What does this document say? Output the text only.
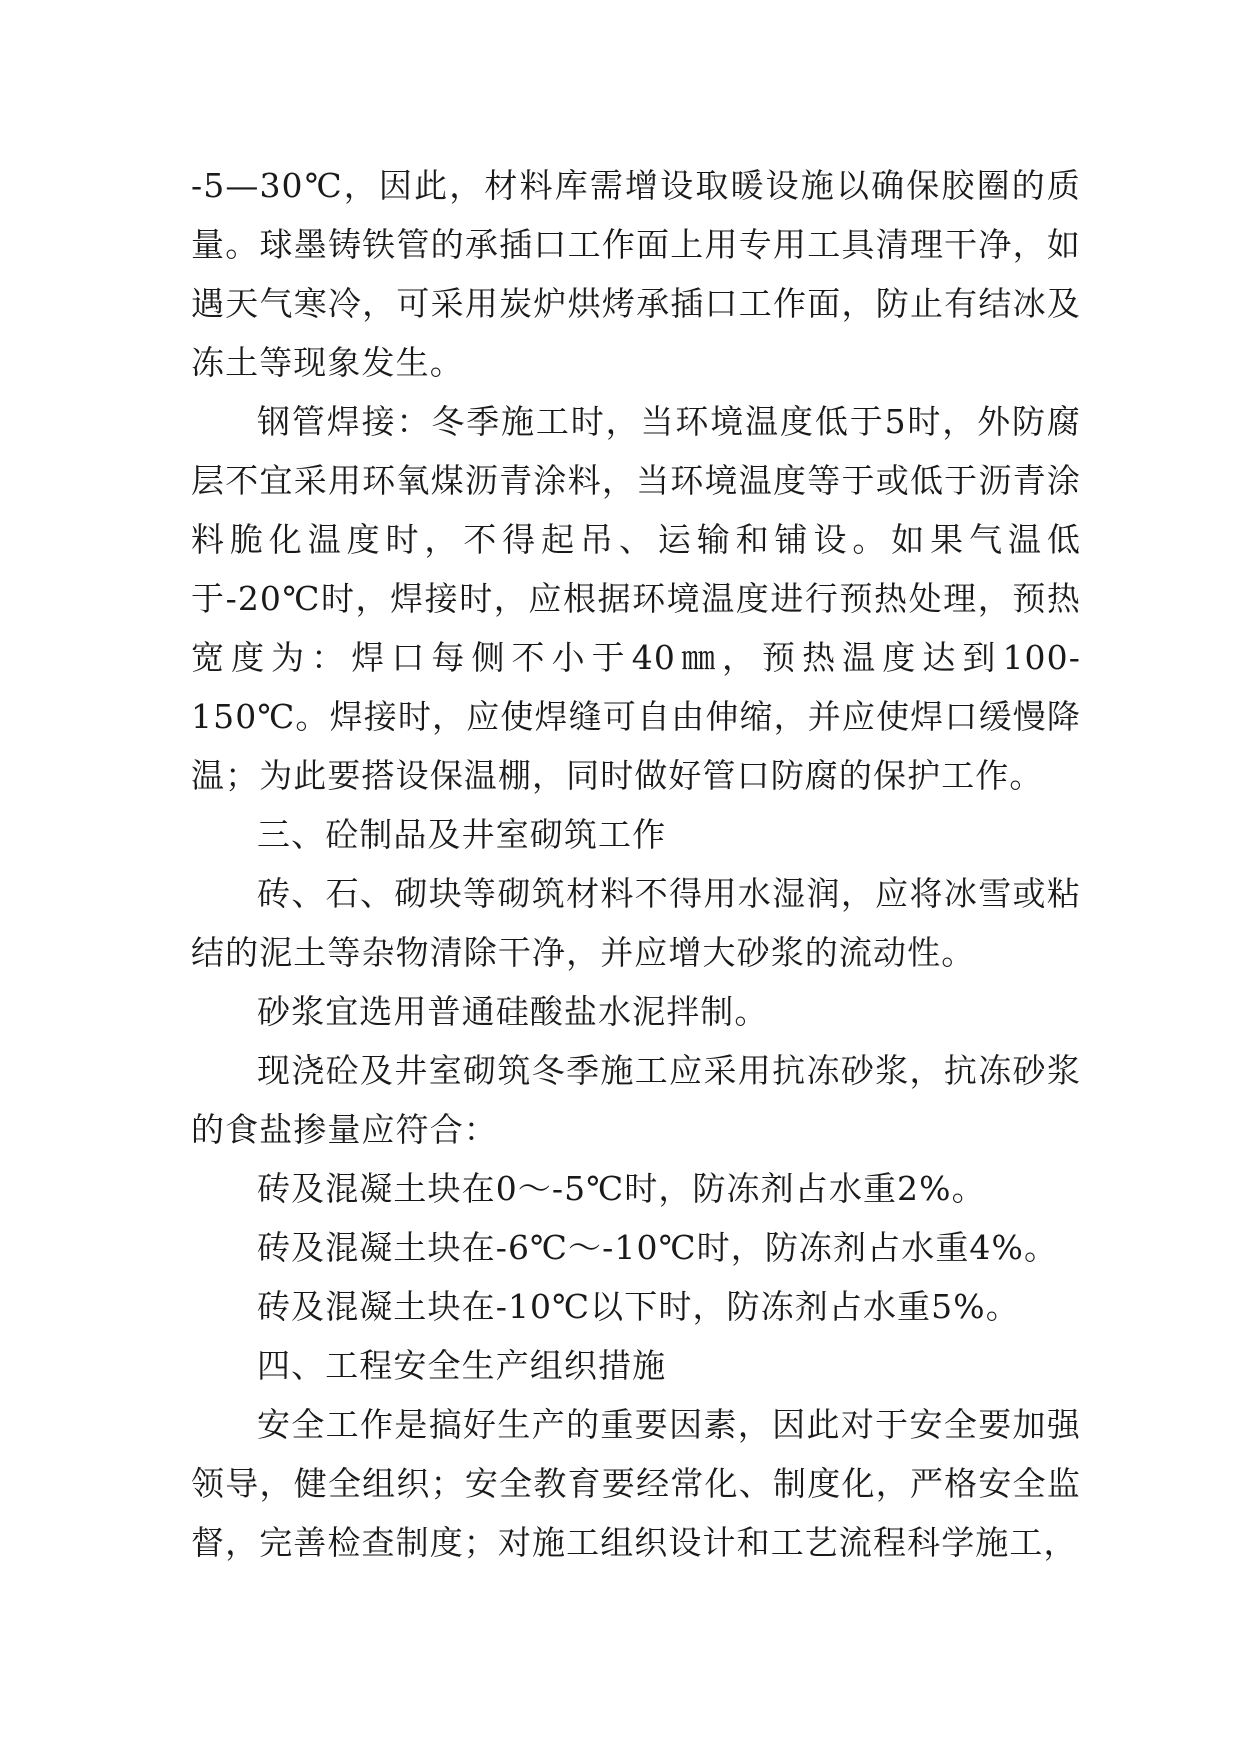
-5—30℃，因此，材料库需增设取暖设施以确保胶圈的质量。球墨铸铁管的承插口工作面上用专用工具清理干净，如遇天气寒冷，可采用炭炉烘烤承插口工作面，防止有结冰及冻土等现象发生。

钢管焊接：冬季施工时，当环境温度低于5时，外防腐层不宜采用环氧煤沥青涂料，当环境温度等于或低于沥青涂料脆化温度时，不得起吊、运输和铺设。如果气温低于-20℃时，焊接时，应根据环境温度进行预热处理，预热宽度为：焊口每侧不小于40㎜，预热温度达到100-150℃。焊接时，应使焊缝可自由伸缩，并应使焊口缓慢降温；为此要搭设保温棚，同时做好管口防腐的保护工作。

三、砼制品及井室砌筑工作

砖、石、砌块等砌筑材料不得用水湿润，应将冰雪或粘结的泥土等杂物清除干净，并应增大砂浆的流动性。

砂浆宜选用普通硅酸盐水泥拌制。

现浇砼及井室砌筑冬季施工应采用抗冻砂浆，抗冻砂浆的食盐掺量应符合：

砖及混凝土块在0～-5℃时，防冻剂占水重2%。

砖及混凝土块在-6℃～-10℃时，防冻剂占水重4%。

砖及混凝土块在-10℃以下时，防冻剂占水重5%。

四、工程安全生产组织措施

安全工作是搞好生产的重要因素，因此对于安全要加强领导，健全组织；安全教育要经常化、制度化，严格安全监督，完善检查制度；对施工组织设计和工艺流程科学施工，
